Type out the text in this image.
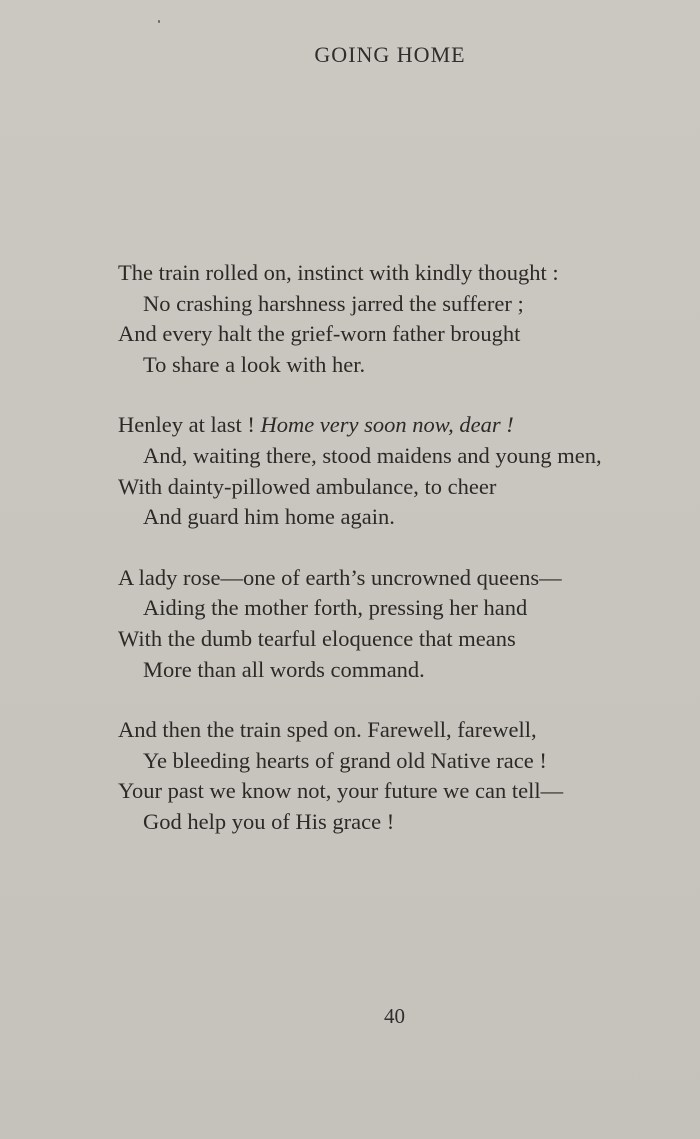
GOING HOME
The train rolled on, instinct with kindly thought :
No crashing harshness jarred the sufferer ;
And every halt the grief-worn father brought
To share a look with her.
Henley at last ! Home very soon now, dear !
And, waiting there, stood maidens and young men,
With dainty-pillowed ambulance, to cheer
And guard him home again.
A lady rose—one of earth’s uncrowned queens—
Aiding the mother forth, pressing her hand
With the dumb tearful eloquence that means
More than all words command.
And then the train sped on. Farewell, farewell,
Ye bleeding hearts of grand old Native race !
Your past we know not, your future we can tell—
God help you of His grace !
40
